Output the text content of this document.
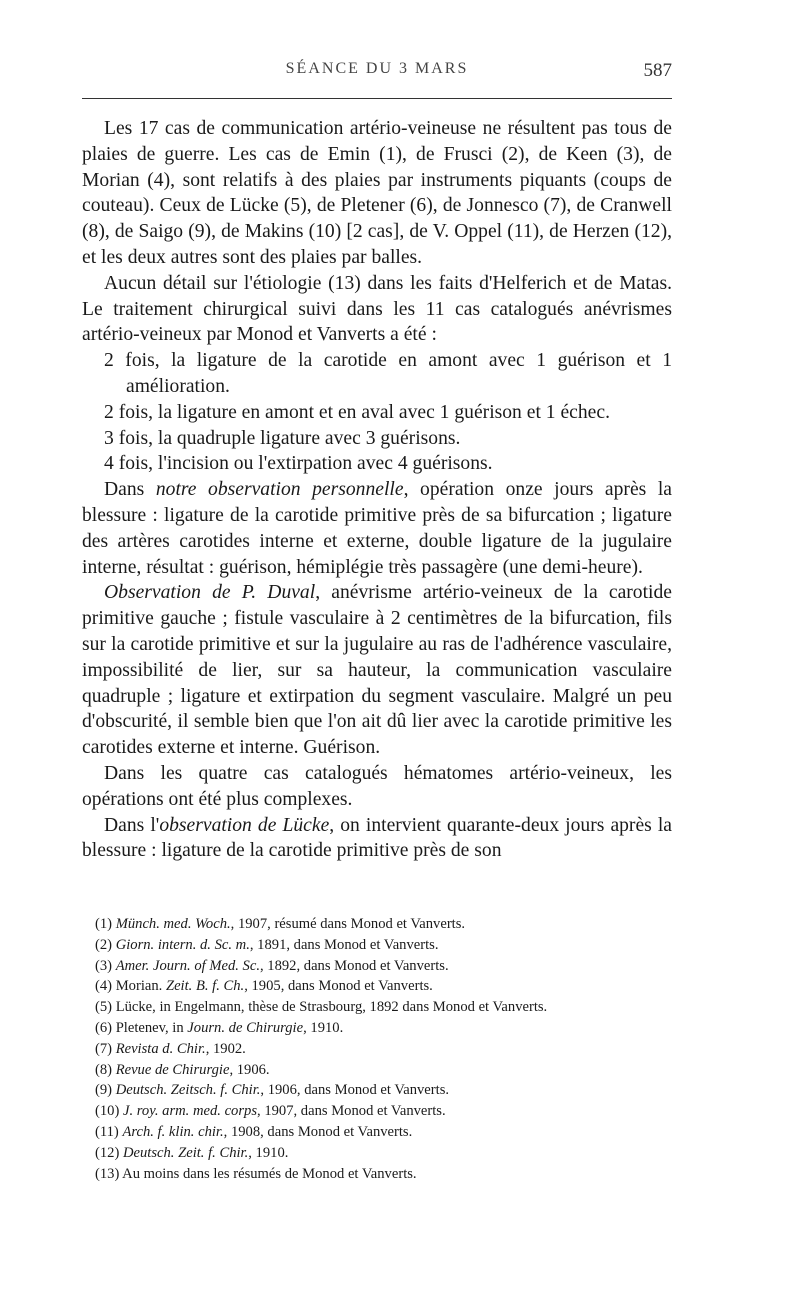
SÉANCE DU 3 MARS	587

Les 17 cas de communication artério-veineuse ne résultent pas tous de plaies de guerre. Les cas de Emin (1), de Frusci (2), de Keen (3), de Morian (4), sont relatifs à des plaies par instruments piquants (coups de couteau). Ceux de Lücke (5), de Pletener (6), de Jonnesco (7), de Cranwell (8), de Saigo (9), de Makins (10) [2 cas], de V. Oppel (11), de Herzen (12), et les deux autres sont des plaies par balles.

Aucun détail sur l'étiologie (13) dans les faits d'Helferich et de Matas. Le traitement chirurgical suivi dans les 11 cas catalogués anévrismes artério-veineux par Monod et Vanverts a été :

2 fois, la ligature de la carotide en amont avec 1 guérison et 1 amélioration.

2 fois, la ligature en amont et en aval avec 1 guérison et 1 échec.

3 fois, la quadruple ligature avec 3 guérisons.

4 fois, l'incision ou l'extirpation avec 4 guérisons.

Dans notre observation personnelle, opération onze jours après la blessure : ligature de la carotide primitive près de sa bifurcation ; ligature des artères carotides interne et externe, double ligature de la jugulaire interne, résultat : guérison, hémiplégie très passagère (une demi-heure).

Observation de P. Duval, anévrisme artério-veineux de la carotide primitive gauche ; fistule vasculaire à 2 centimètres de la bifurcation, fils sur la carotide primitive et sur la jugulaire au ras de l'adhérence vasculaire, impossibilité de lier, sur sa hauteur, la communication vasculaire quadruple ; ligature et extirpation du segment vasculaire. Malgré un peu d'obscurité, il semble bien que l'on ait dû lier avec la carotide primitive les carotides externe et interne. Guérison.

Dans les quatre cas catalogués hématomes artério-veineux, les opérations ont été plus complexes.

Dans l'observation de Lücke, on intervient quarante-deux jours après la blessure : ligature de la carotide primitive près de son

(1) Münch. med. Woch., 1907, résumé dans Monod et Vanverts.
(2) Giorn. intern. d. Sc. m., 1891, dans Monod et Vanverts.
(3) Amer. Journ. of Med. Sc., 1892, dans Monod et Vanverts.
(4) Morian. Zeit. B. f. Ch., 1905, dans Monod et Vanverts.
(5) Lücke, in Engelmann, thèse de Strasbourg, 1892 dans Monod et Vanverts.
(6) Pletenev, in Journ. de Chirurgie, 1910.
(7) Revista d. Chir., 1902.
(8) Revue de Chirurgie, 1906.
(9) Deutsch. Zeitsch. f. Chir., 1906, dans Monod et Vanverts.
(10) J. roy. arm. med. corps, 1907, dans Monod et Vanverts.
(11) Arch. f. klin. chir., 1908, dans Monod et Vanverts.
(12) Deutsch. Zeit. f. Chir., 1910.
(13) Au moins dans les résumés de Monod et Vanverts.
